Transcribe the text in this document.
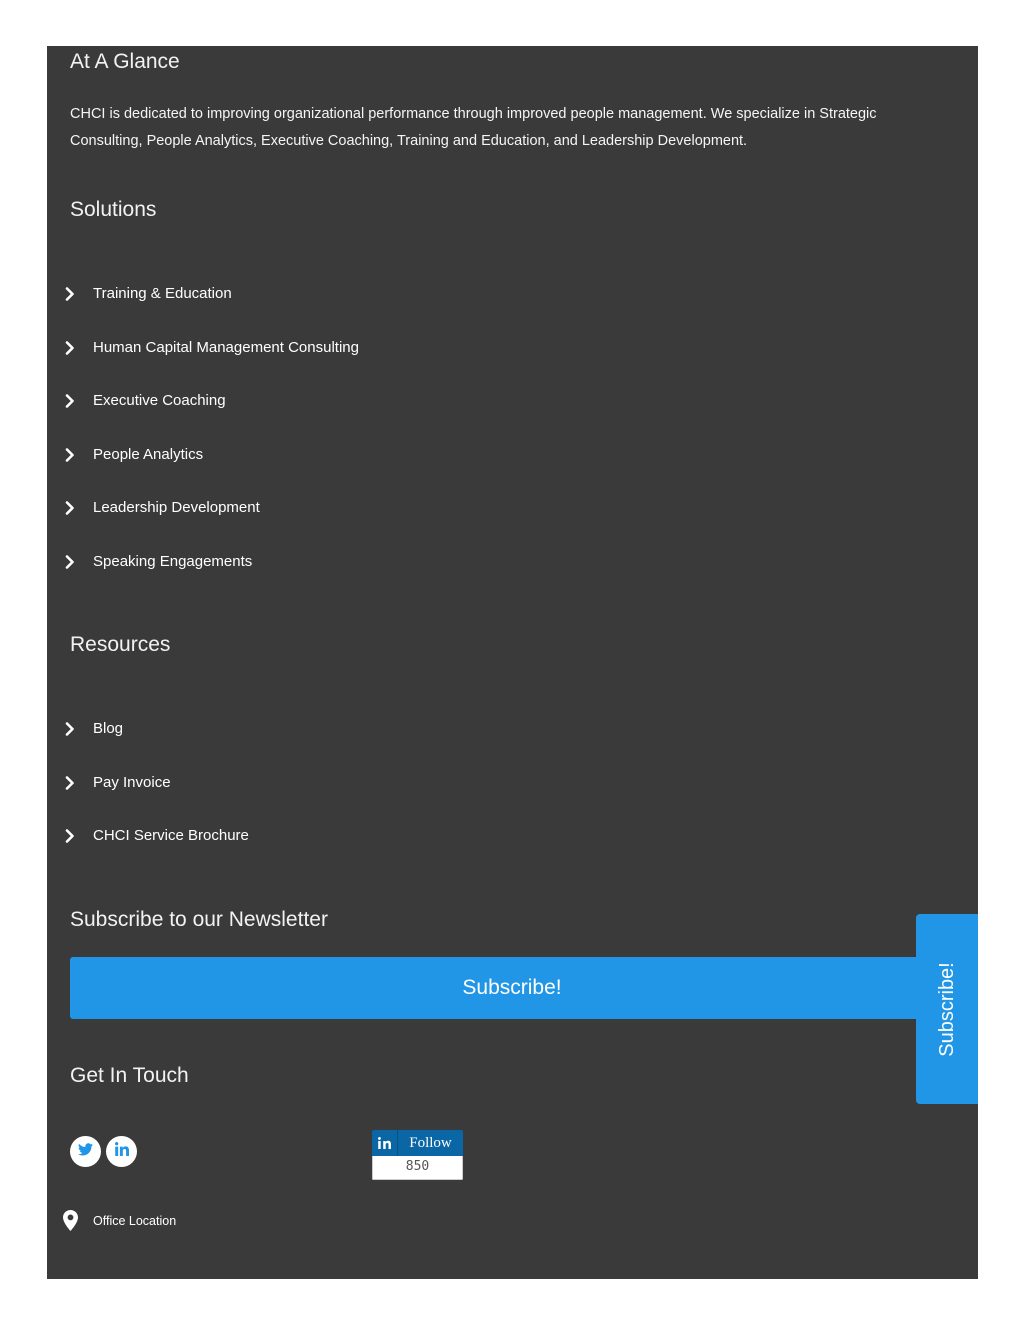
At A Glance

CHCI is dedicated to improving organizational performance through improved people management. We specialize in Strategic Consulting, People Analytics, Executive Coaching, Training and Education, and Leadership Development.

Solutions
Training & Education
Human Capital Management Consulting
Executive Coaching
People Analytics
Leadership Development
Speaking Engagements
Resources
Blog
Pay Invoice
CHCI Service Brochure
Subscribe to our Newsletter
Subscribe!
Get In Touch
Follow
850
Office Location
Subscribe!
